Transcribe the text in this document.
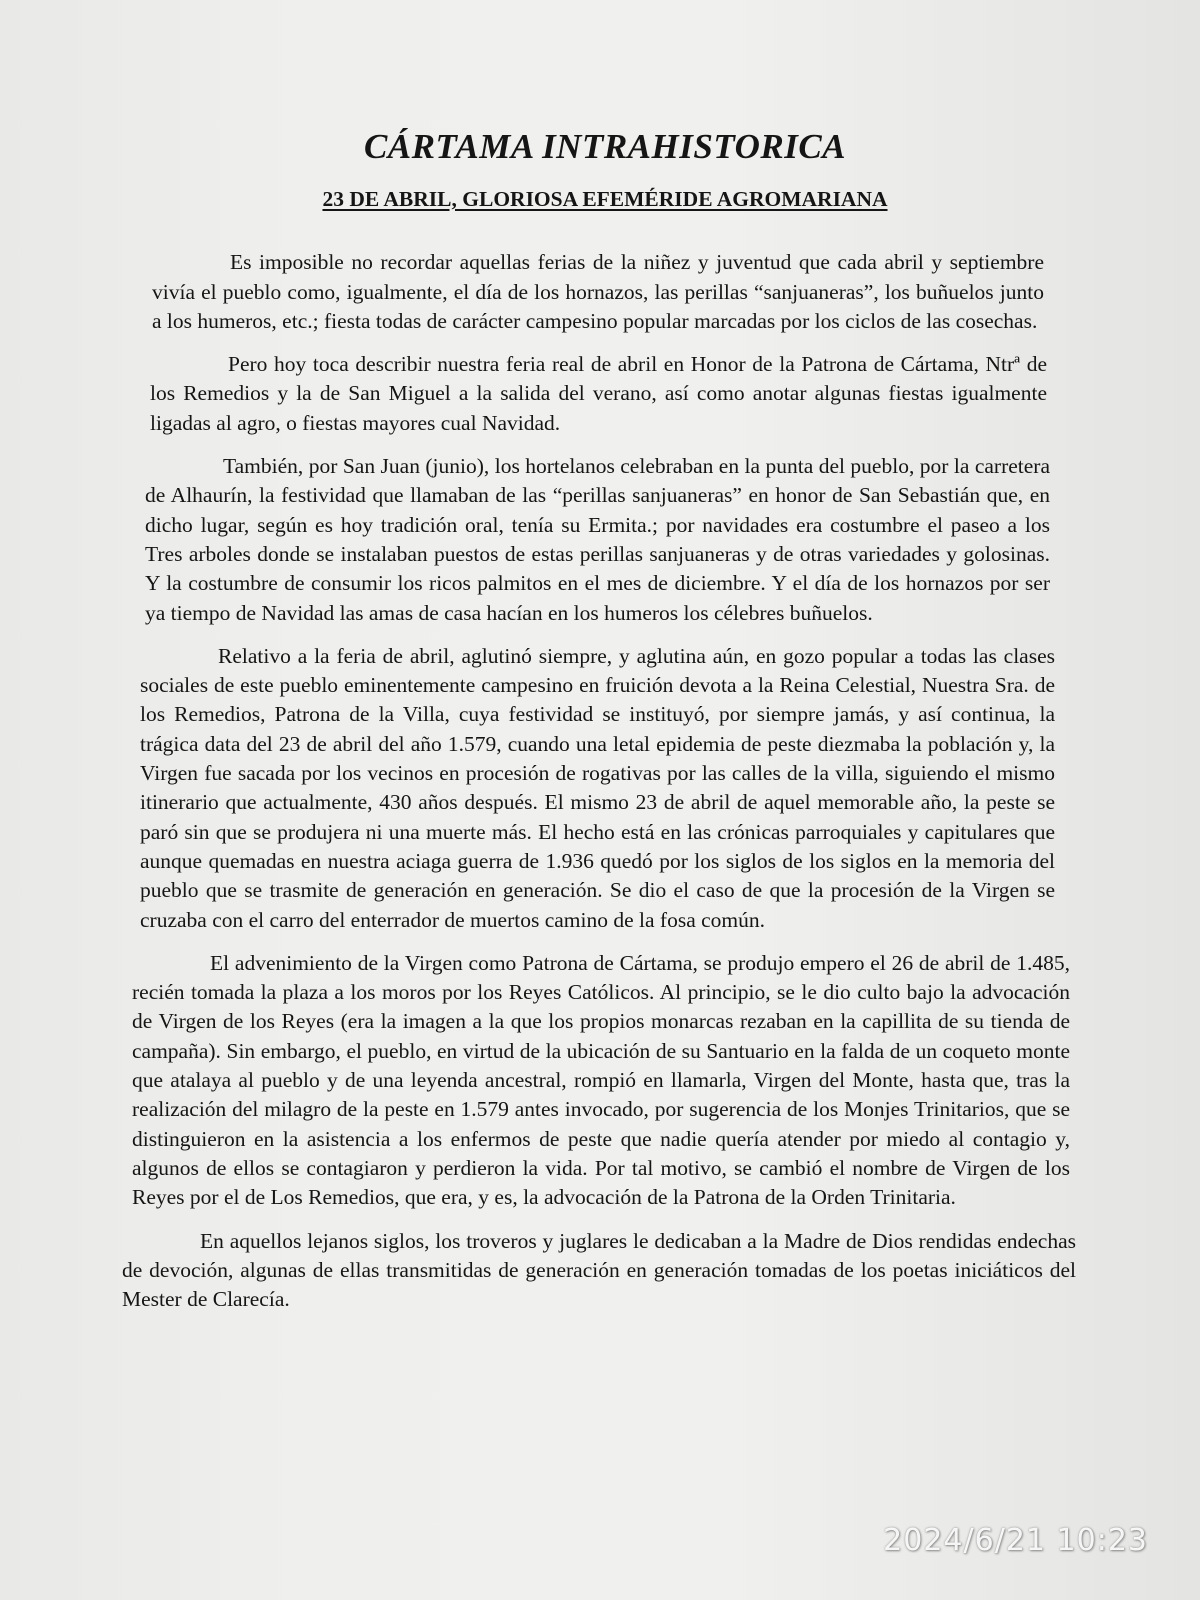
CÁRTAMA INTRAHISTORICA
23 DE ABRIL, GLORIOSA EFEMÉRIDE AGROMARIANA

Es imposible no recordar aquellas ferias de la niñez y juventud que cada abril y septiembre vivía el pueblo como, igualmente, el día de los hornazos, las perillas “sanjuaneras”, los buñuelos junto a los humeros, etc.; fiesta todas de carácter campesino popular marcadas por los ciclos de las cosechas.

Pero hoy toca describir nuestra feria real de abril en Honor de la Patrona de Cártama, Ntrª de los Remedios y la de San Miguel a la salida del verano, así como anotar algunas fiestas igualmente ligadas al agro, o fiestas mayores cual Navidad.

También, por San Juan (junio), los hortelanos celebraban en la punta del pueblo, por la carretera de Alhaurín, la festividad que llamaban de las “perillas sanjuaneras” en honor de San Sebastián que, en dicho lugar, según es hoy tradición oral, tenía su Ermita.; por navidades era costumbre el paseo a los Tres arboles donde se instalaban puestos de estas perillas sanjuaneras y de otras variedades y golosinas. Y la costumbre de consumir los ricos palmitos en el mes de diciembre. Y el día de los hornazos por ser ya tiempo de Navidad las amas de casa hacían en los humeros los célebres buñuelos.

Relativo a la feria de abril, aglutinó siempre, y aglutina aún, en gozo popular a todas las clases sociales de este pueblo eminentemente campesino en fruición devota a la Reina Celestial, Nuestra Sra. de los Remedios, Patrona de la Villa, cuya festividad se instituyó, por siempre jamás, y así continua, la trágica data del 23 de abril del año 1.579, cuando una letal epidemia de peste diezmaba la población y, la Virgen fue sacada por los vecinos en procesión de rogativas por las calles de la villa, siguiendo el mismo itinerario que actualmente, 430 años después. El mismo 23 de abril de aquel memorable año, la peste se paró sin que se produjera ni una muerte más. El hecho está en las crónicas parroquiales y capitulares que aunque quemadas en nuestra aciaga guerra de 1.936 quedó por los siglos de los siglos en la memoria del pueblo que se trasmite de generación en generación. Se dio el caso de que la procesión de la Virgen se cruzaba con el carro del enterrador de muertos camino de la fosa común.

El advenimiento de la Virgen como Patrona de Cártama, se produjo empero el 26 de abril de 1.485, recién tomada la plaza a los moros por los Reyes Católicos. Al principio, se le dio culto bajo la advocación de Virgen de los Reyes (era la imagen a la que los propios monarcas rezaban en la capillita de su tienda de campaña). Sin embargo, el pueblo, en virtud de la ubicación de su Santuario en la falda de un coqueto monte que atalaya al pueblo y de una leyenda ancestral, rompió en llamarla, Virgen del Monte, hasta que, tras la realización del milagro de la peste en 1.579 antes invocado, por sugerencia de los Monjes Trinitarios, que se distinguieron en la asistencia a los enfermos de peste que nadie quería atender por miedo al contagio y, algunos de ellos se contagiaron y perdieron la vida. Por tal motivo, se cambió el nombre de Virgen de los Reyes por el de Los Remedios, que era, y es, la advocación de la Patrona de la Orden Trinitaria.

En aquellos lejanos siglos, los troveros y juglares le dedicaban a la Madre de Dios rendidas endechas de devoción, algunas de ellas transmitidas de generación en generación tomadas de los poetas iniciáticos del Mester de Clarecía.

2024/6/21 10:23
